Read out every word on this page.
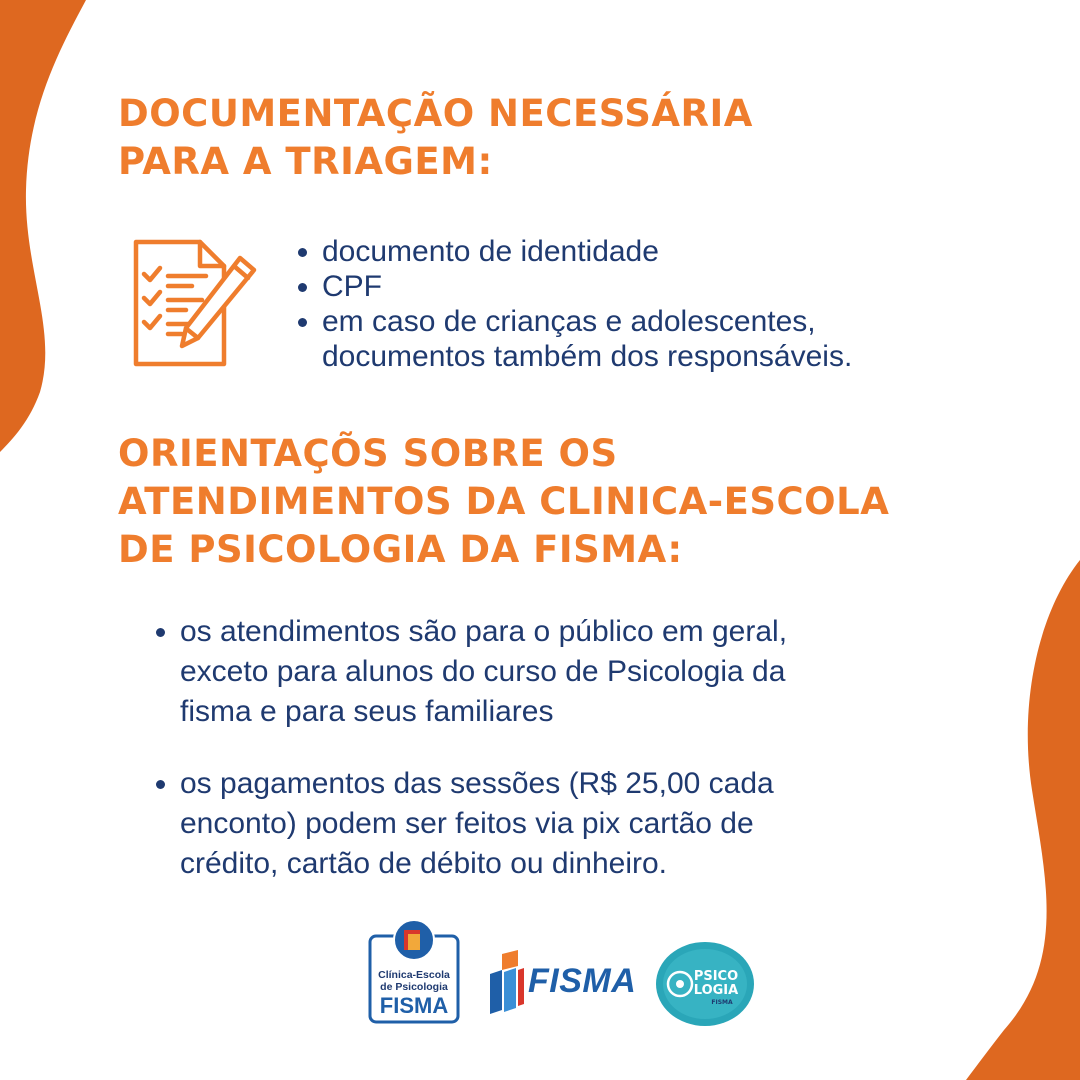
DOCUMENTAÇÃO NECESSÁRIA
PARA A TRIAGEM:
documento de identidade
CPF
em caso de crianças e adolescentes,
documentos também dos responsáveis.
ORIENTAÇÕS SOBRE OS
ATENDIMENTOS DA CLINICA-ESCOLA
DE PSICOLOGIA DA FISMA:
os atendimentos são para o público em geral,
exceto para alunos do curso de Psicologia da
fisma e para seus familiares
os pagamentos das sessões (R$ 25,00 cada
enconto) podem ser feitos via pix cartão de
crédito, cartão de débito ou dinheiro.
Clínica-Escola
de Psicologia
FISMA
FISMA	PSICO
LOGIA
FISMA
